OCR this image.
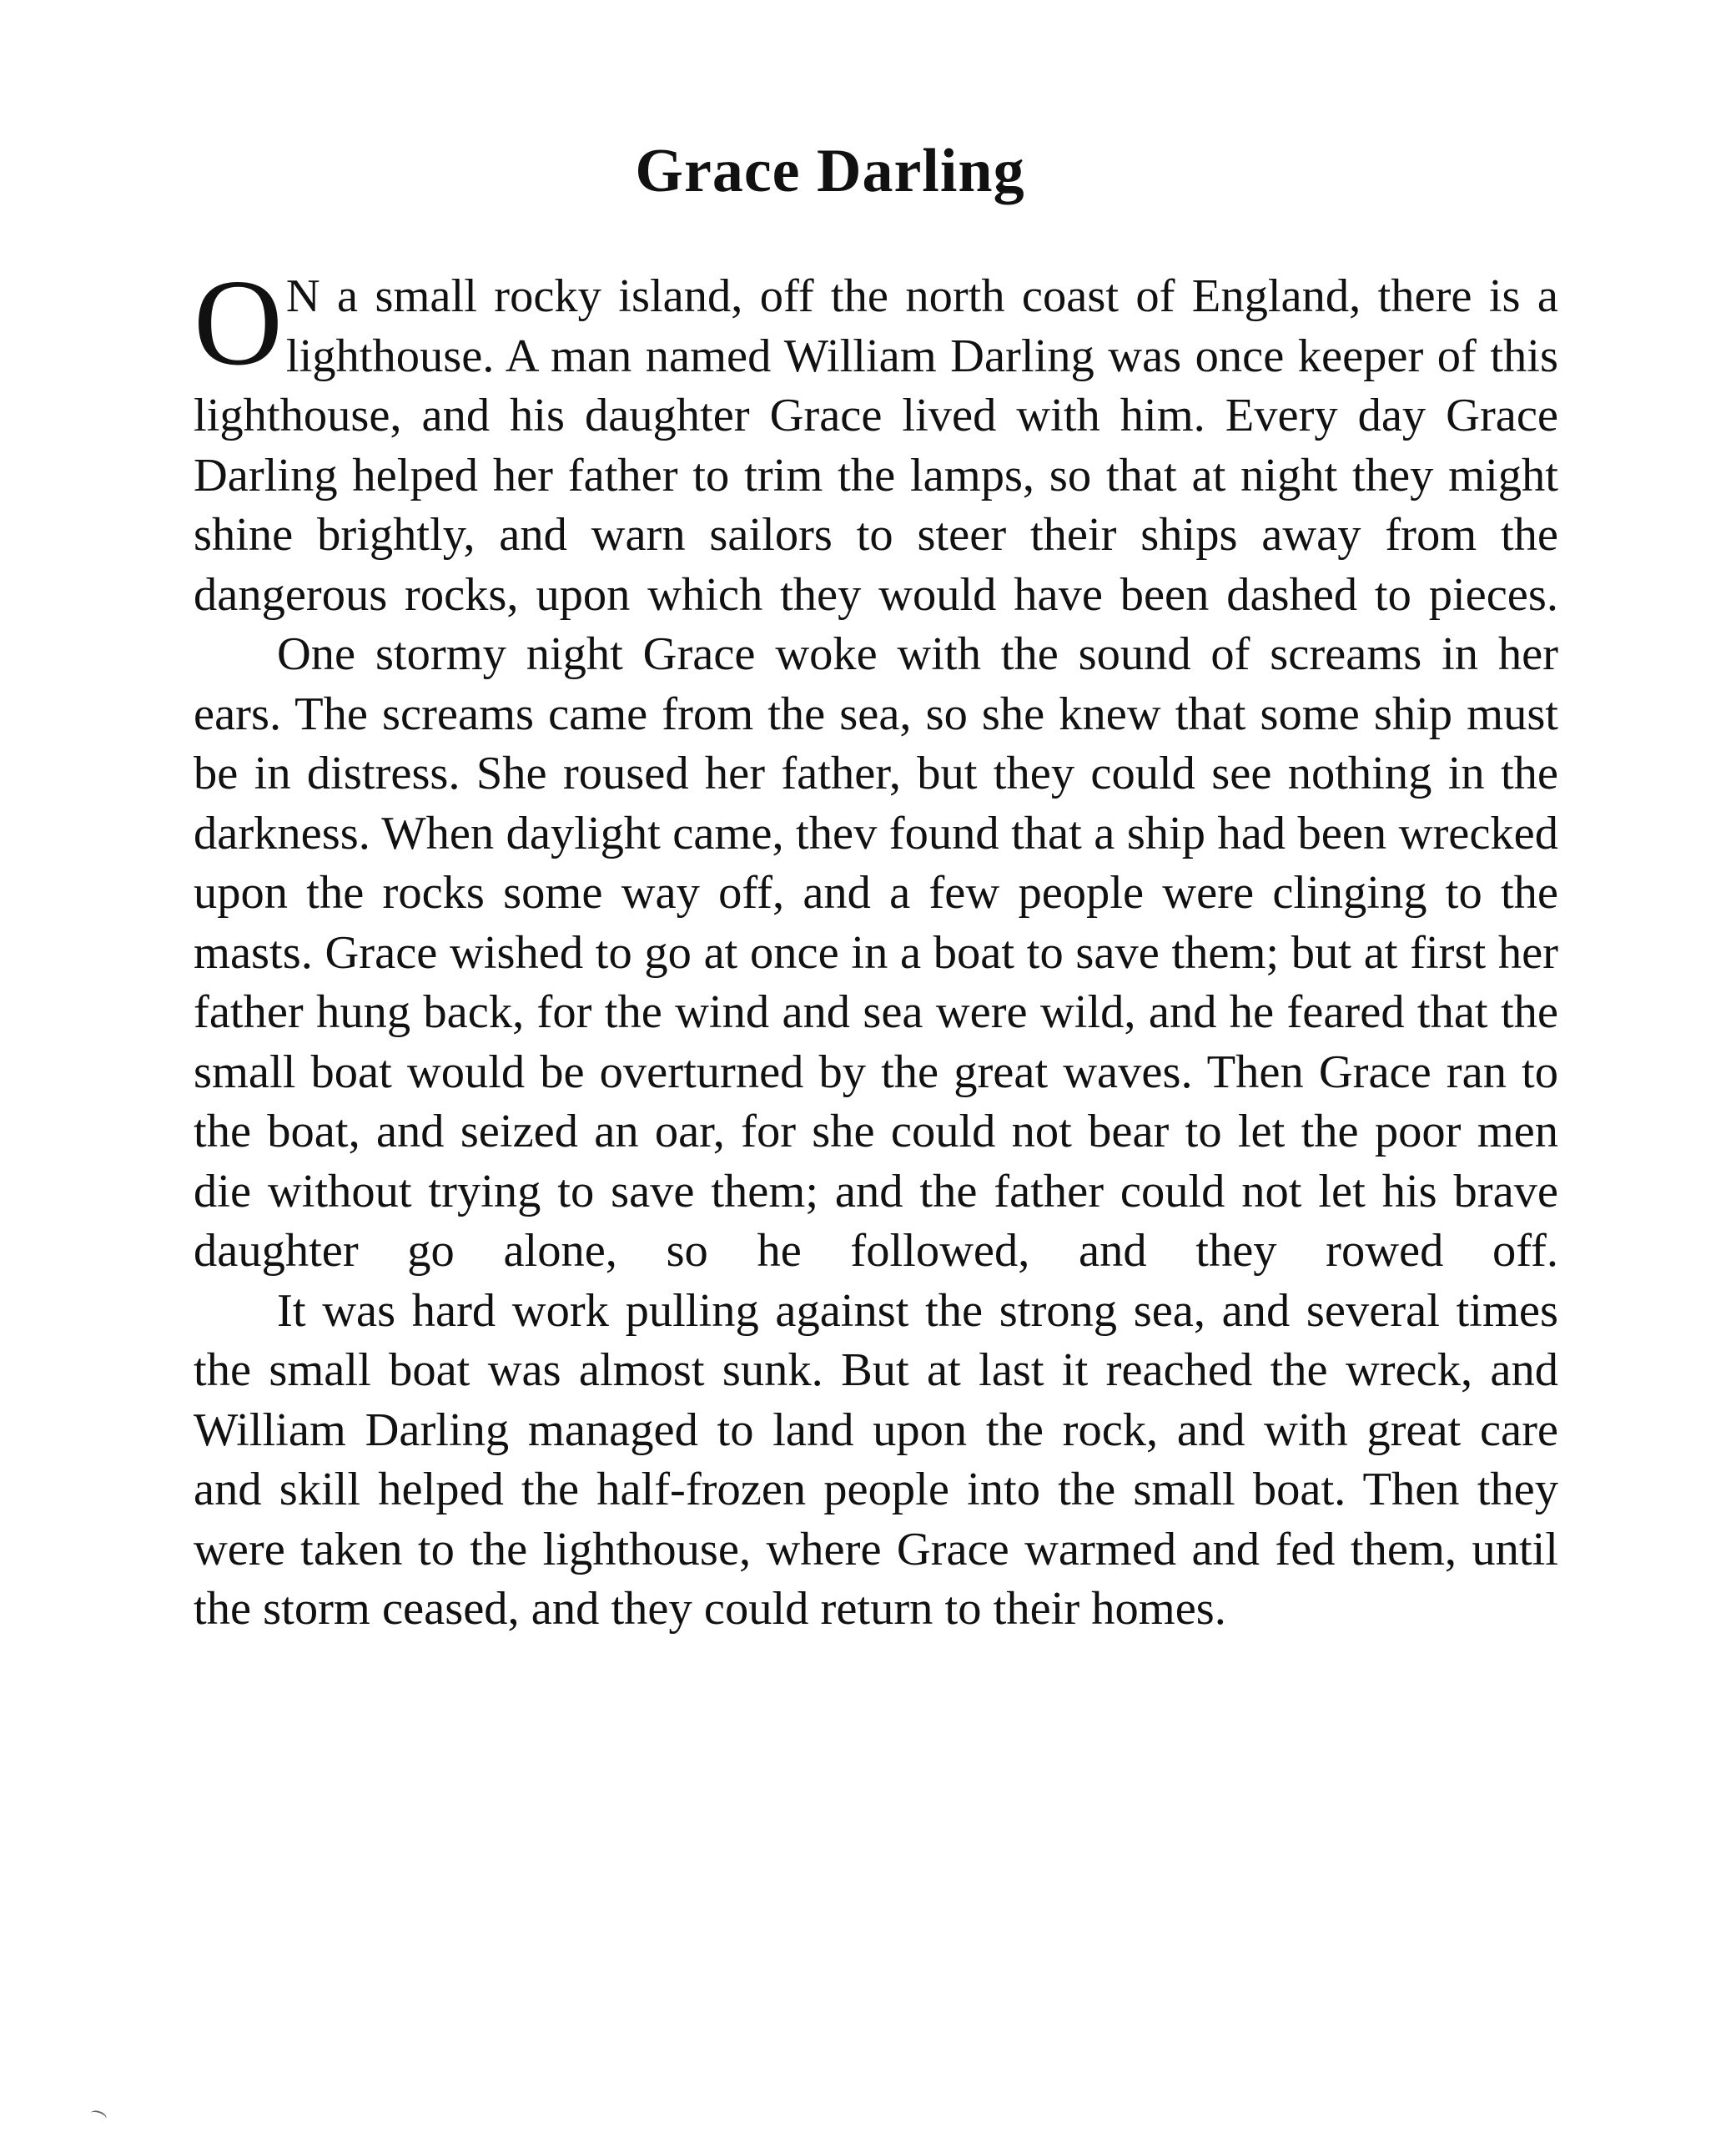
Grace Darling

O N a small rocky island, off the north coast of England, there is a lighthouse. A man named William Darling was once keeper of this lighthouse, and his daughter Grace lived with him. Every day Grace Darling helped her father to trim the lamps, so that at night they might shine brightly, and warn sailors to steer their ships away from the dangerous rocks, upon which they would have been dashed to pieces.

One stormy night Grace woke with the sound of screams in her ears. The screams came from the sea, so she knew that some ship must be in distress. She roused her father, but they could see nothing in the darkness. When daylight came, thev found that a ship had been wrecked upon the rocks some way off, and a few people were clinging to the masts. Grace wished to go at once in a boat to save them; but at first her father hung back, for the wind and sea were wild, and he feared that the small boat would be overturned by the great waves. Then Grace ran to the boat, and seized an oar, for she could not bear to let the poor men die without trying to save them; and the father could not let his brave daughter go alone, so he followed, and they rowed off.

It was hard work pulling against the strong sea, and several times the small boat was almost sunk. But at last it reached the wreck, and William Darling managed to land upon the rock, and with great care and skill helped the half-frozen people into the small boat. Then they were taken to the lighthouse, where Grace warmed and fed them, until the storm ceased, and they could return to their homes.
